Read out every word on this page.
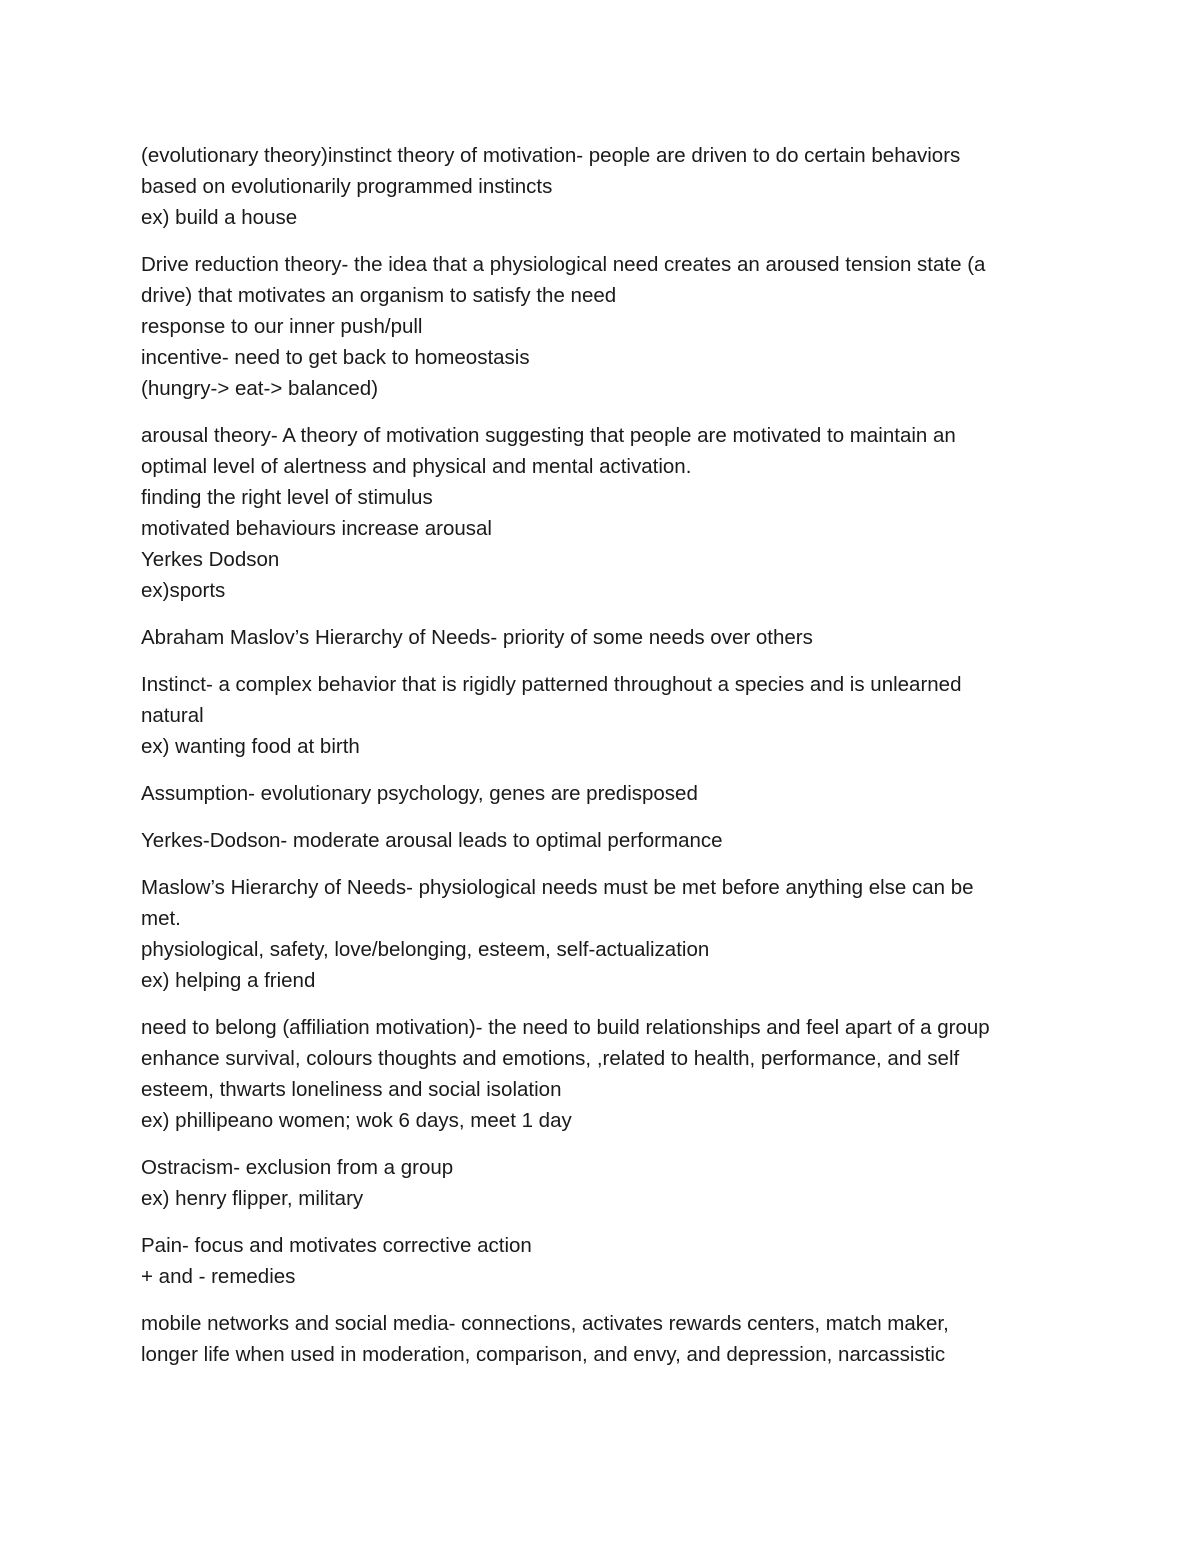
(evolutionary theory)instinct theory of motivation- people are driven to do certain behaviors
based on evolutionarily programmed instincts
ex) build a house

Drive reduction theory- the idea that a physiological need creates an aroused tension state (a
drive) that motivates an organism to satisfy the need
response to our inner push/pull
incentive- need to get back to homeostasis
(hungry-> eat-> balanced)

arousal theory- A theory of motivation suggesting that people are motivated to maintain an
optimal level of alertness and physical and mental activation.
finding the right level of stimulus
motivated behaviours increase arousal
Yerkes Dodson
ex)sports

Abraham Maslov’s Hierarchy of Needs- priority of some needs over others

Instinct- a complex behavior that is rigidly patterned throughout a species and is unlearned
natural
ex) wanting food at birth

Assumption- evolutionary psychology, genes are predisposed

Yerkes-Dodson- moderate arousal leads to optimal performance

Maslow’s Hierarchy of Needs- physiological needs must be met before anything else can be
met.
physiological, safety, love/belonging, esteem, self-actualization
ex) helping a friend

need to belong (affiliation motivation)- the need to build relationships and feel apart of a group
enhance survival, colours thoughts and emotions, ,related to health, performance, and self
esteem, thwarts loneliness and social isolation
ex) phillipeano women; wok 6 days, meet 1 day

Ostracism- exclusion from a group
ex) henry flipper, military

Pain- focus and motivates corrective action
+ and - remedies

mobile networks and social media- connections, activates rewards centers, match maker,
longer life when used in moderation, comparison, and envy, and depression, narcassistic
